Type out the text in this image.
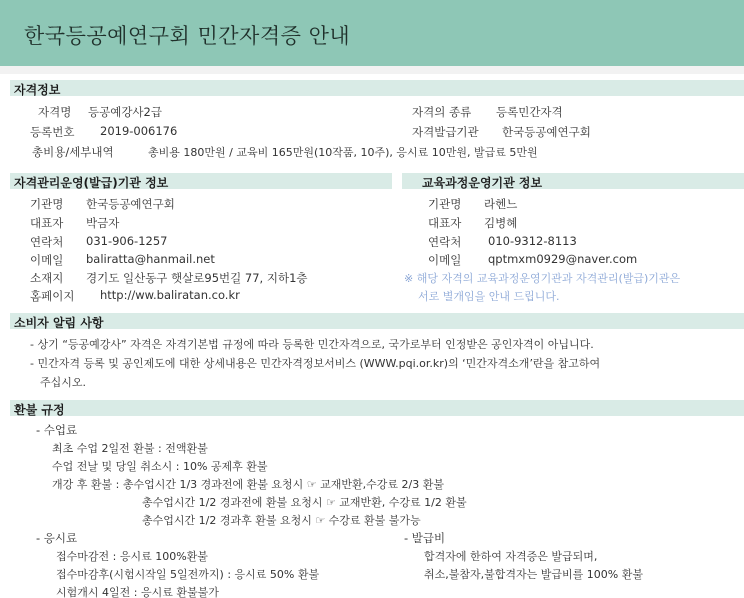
한국등공예연구회 민간자격증 안내
자격정보
자격명 등공예강사2급	자격의 종류 등록민간자격
등록번호 2019-006176	자격발급기관 한국등공예연구회
총비용/세부내역	총비용 180만원 / 교육비 165만원(10작품, 10주), 응시료 10만원, 발급료 5만원
자격관리운영(발급)기관 정보
기관명 한국등공예연구회
대표자 박금자
연락처 031-906-1257
이메일 baliratta@hanmail.net
소재지 경기도 일산동구 햇살로95번길 77, 지하1층
홈페이지 http://ww.baliratan.co.kr
교육과정운영기관 정보
기관명 라헨느
대표자 김병혜
연락처 010-9312-8113
이메일 qptmxm0929@naver.com
※ 해당 자격의 교육과정운영기관과 자격관리(발급)기관은
서로 별개임을 안내 드립니다.
소비자 알림 사항
- 상기 “등공예강사” 자격은 자격기본법 규정에 따라 등록한 민간자격으로, 국가로부터 인정받은 공인자격이 아닙니다.
- 민간자격 등록 및 공인제도에 대한 상세내용은 민간자격정보서비스 (WWW.pqi.or.kr)의 ‘민간자격소개’란을 참고하여
주십시오.
환불 규정
- 수업료
최초 수업 2일전 환불 : 전액환불
수업 전날 및 당일 취소시 : 10% 공제후 환불
개강 후 환불 : 총수업시간 1/3 경과전에 환불 요청시 ☞ 교재반환,수강료 2/3 환불
총수업시간 1/2 경과전에 환불 요청시 ☞ 교재반환, 수강료 1/2 환불
총수업시간 1/2 경과후 환불 요청시 ☞ 수강료 환불 불가능
- 응시료
접수마감전 : 응시료 100%환불
접수마감후(시험시작일 5일전까지) : 응시료 50% 환불
시험개시 4일전 : 응시료 환불불가
- 발급비
합격자에 한하여 자격증은 발급되며,
취소,불참자,불합격자는 발급비를 100% 환불
